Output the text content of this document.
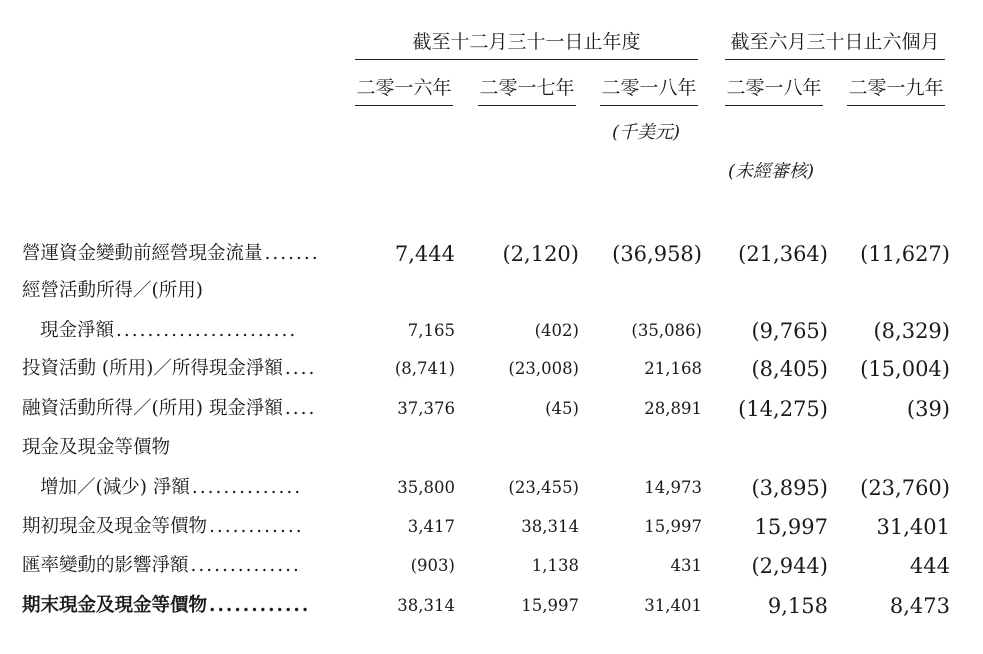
截至十二月三十一日止年度	截至六月三十日止六個月
二零一六年 二零一七年 二零一八年 二零一八年 二零一九年
(千美元)
(未經審核)
營運資金變動前經營現金流量 .......	7,444	(2,120)	(36,958)	(21,364)	(11,627)
經營活動所得／(所用)
現金淨額 .......................	7,165	(402)	(35,086)	(9,765)	(8,329)
投資活動 (所用)／所得現金淨額 ....	(8,741)	(23,008)	21,168	(8,405)	(15,004)
融資活動所得／(所用) 現金淨額 ....	37,376	(45)	28,891	(14,275)	(39)
現金及現金等價物
增加／(減少) 淨額 ..............	35,800	(23,455)	14,973	(3,895)	(23,760)
期初現金及現金等價物 ............	3,417	38,314	15,997	15,997	31,401
匯率變動的影響淨額 ..............	(903)	1,138	431	(2,944)	444
期末現金及現金等價物 ............	38,314	15,997	31,401	9,158	8,473
